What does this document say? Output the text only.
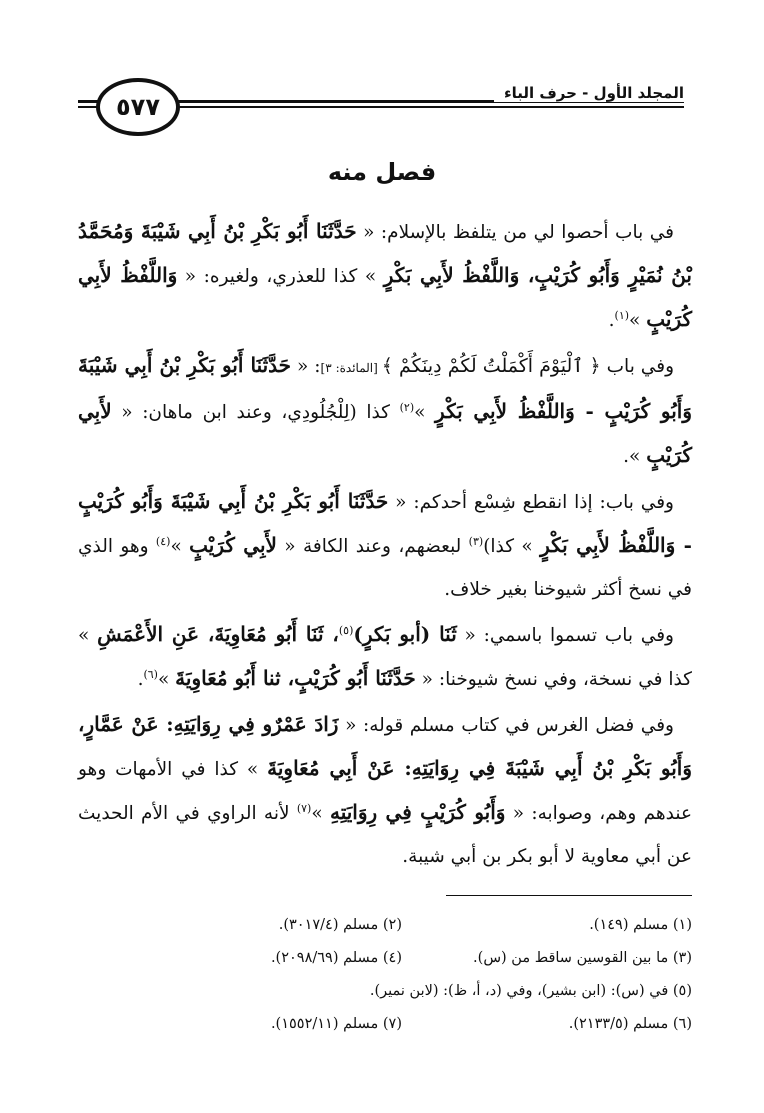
المجلد الأول - حرف الباء
٥٧٧
فصل منه

في باب أحصوا لي من يتلفظ بالإسلام: « حَدَّثَنَا أَبُو بَكْرِ بْنُ أَبِي شَيْبَةَ وَمُحَمَّدُ بْنُ نُمَيْرٍ وَأَبُو كُرَيْبٍ، وَاللَّفْظُ لأَبِي بَكْرٍ » كذا للعذري، ولغيره: « وَاللَّفْظُ لأَبِي كُرَيْبٍ »$^{(١)}$.

وفي باب ﴿ ٱلْيَوْمَ أَكْمَلْتُ لَكُمْ دِينَكُمْ ﴾ [المائدة: ٣]: « حَدَّثَنَا أَبُو بَكْرِ بْنُ أَبِي شَيْبَةَ وَأَبُو كُرَيْبٍ - وَاللَّفْظُ لأَبِي بَكْرٍ »$^{(٢)}$ كذا (لِلْجُلُودِي، وعند ابن ماهان: « لأَبِي كُرَيْبٍ ».

وفي باب: إذا انقطع شِسْع أحدكم: « حَدَّثَنَا أَبُو بَكْرِ بْنُ أَبِي شَيْبَةَ وَأَبُو كُرَيْبٍ - وَاللَّفْظُ لأَبِي بَكْرٍ » كذا)$^{(٣)}$ لبعضهم، وعند الكافة « لأَبِي كُرَيْبٍ »$^{(٤)}$ وهو الذي في نسخ أكثر شيوخنا بغير خلاف.

وفي باب تسموا باسمي: « ثَنَا (أبو بَكرٍ)$^{(٥)}$، ثَنَا أَبُو مُعَاوِيَةَ، عَنِ الأَعْمَشِ » كذا في نسخة، وفي نسخ شيوخنا: « حَدَّثَنَا أَبُو كُرَيْبٍ، ثنا أَبُو مُعَاوِيَةَ »$^{(٦)}$.

وفي فضل الغرس في كتاب مسلم قوله: « زَادَ عَمْرٌو فِي رِوَايَتِهِ: عَنْ عَمَّارٍ، وَأَبُو بَكْرِ بْنُ أَبِي شَيْبَةَ فِي رِوَايَتِهِ: عَنْ أَبِي مُعَاوِيَةَ » كذا في الأمهات وهو عندهم وهم، وصوابه: « وَأَبُو كُرَيْبٍ فِي رِوَايَتِهِ »$^{(٧)}$ لأنه الراوي في الأم الحديث عن أبي معاوية لا أبو بكر بن أبي شيبة.

(١) مسلم (١٤٩).
(٢) مسلم (٣٠١٧/٤).
(٣) ما بين القوسين ساقط من (س).
(٤) مسلم (٢٠٩٨/٦٩).
(٥) في (س): (ابن بشير)، وفي (د، أ، ظ): (لابن نمير).
(٦) مسلم (٢١٣٣/٥).
(٧) مسلم (١٥٥٢/١١).
